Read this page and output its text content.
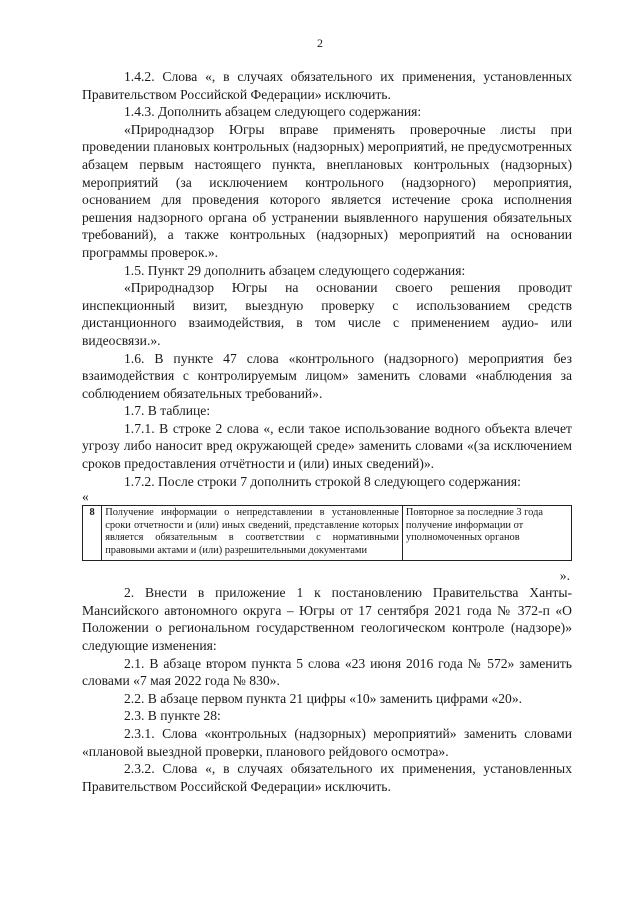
2

1.4.2. Слова «, в случаях обязательного их применения, установленных Правительством Российской Федерации» исключить.

1.4.3. Дополнить абзацем следующего содержания:

«Природнадзор Югры вправе применять проверочные листы при проведении плановых контрольных (надзорных) мероприятий, не предусмотренных абзацем первым настоящего пункта, внеплановых контрольных (надзорных) мероприятий (за исключением контрольного (надзорного) мероприятия, основанием для проведения которого является истечение срока исполнения решения надзорного органа об устранении выявленного нарушения обязательных требований), а также контрольных (надзорных) мероприятий на основании программы проверок.».

1.5. Пункт 29 дополнить абзацем следующего содержания:

«Природнадзор Югры на основании своего решения проводит инспекционный визит, выездную проверку с использованием средств дистанционного взаимодействия, в том числе с применением аудио- или видеосвязи.».

1.6. В пункте 47 слова «контрольного (надзорного) мероприятия без взаимодействия с контролируемым лицом» заменить словами «наблюдения за соблюдением обязательных требований».

1.7. В таблице:

1.7.1. В строке 2 слова «, если такое использование водного объекта влечет угрозу либо наносит вред окружающей среде» заменить словами «(за исключением сроков предоставления отчётности и (или) иных сведений)».

1.7.2. После строки 7 дополнить строкой 8 следующего содержания:

«

8	Получение информации о непредставлении в установленные сроки отчетности и (или) иных сведений, представление которых является обязательным в соответствии с нормативными правовыми актами и (или) разрешительными документами	Повторное за последние 3 года получение информации от уполномоченных органов

».

2. Внести в приложение 1 к постановлению Правительства Ханты-Мансийского автономного округа – Югры от 17 сентября 2021 года № 372-п «О Положении о региональном государственном геологическом контроле (надзоре)» следующие изменения:

2.1. В абзаце втором пункта 5 слова «23 июня 2016 года № 572» заменить словами «7 мая 2022 года № 830».

2.2. В абзаце первом пункта 21 цифры «10» заменить цифрами «20».

2.3. В пункте 28:

2.3.1. Слова «контрольных (надзорных) мероприятий» заменить словами «плановой выездной проверки, планового рейдового осмотра».

2.3.2. Слова «, в случаях обязательного их применения, установленных Правительством Российской Федерации» исключить.
